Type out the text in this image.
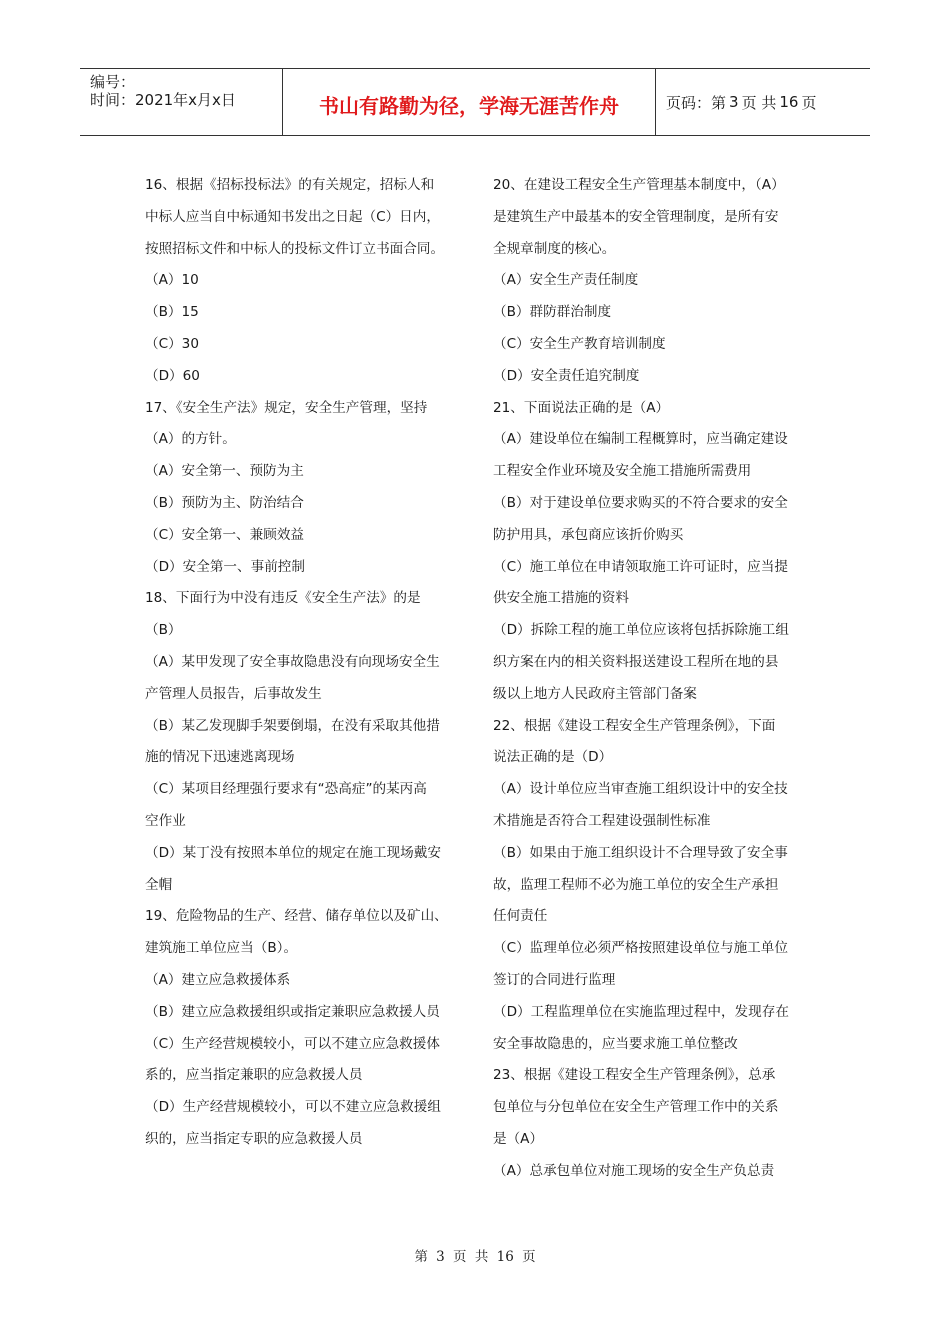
编号：
时间：2021年x月x日	书山有路勤为径，学海无涯苦作舟	页码：第 3 页 共 16 页
16、根据《招标投标法》的有关规定，招标人和
中标人应当自中标通知书发出之日起（C）日内，
按照招标文件和中标人的投标文件订立书面合同。
（A）10
（B）15
（C）30
（D）60
17、《安全生产法》规定，安全生产管理，坚持
（A）的方针。
（A）安全第一、预防为主
（B）预防为主、防治结合
（C）安全第一、兼顾效益
（D）安全第一、事前控制
18、下面行为中没有违反《安全生产法》的是
（B）
（A）某甲发现了安全事故隐患没有向现场安全生
产管理人员报告，后事故发生
（B）某乙发现脚手架要倒塌，在没有采取其他措
施的情况下迅速逃离现场
（C）某项目经理强行要求有“恐高症”的某丙高
空作业
（D）某丁没有按照本单位的规定在施工现场戴安
全帽
19、危险物品的生产、经营、储存单位以及矿山、
建筑施工单位应当（B）。
（A）建立应急救援体系
（B）建立应急救援组织或指定兼职应急救援人员
（C）生产经营规模较小，可以不建立应急救援体
系的，应当指定兼职的应急救援人员
（D）生产经营规模较小，可以不建立应急救援组
织的，应当指定专职的应急救援人员
20、在建设工程安全生产管理基本制度中，（A）
是建筑生产中最基本的安全管理制度，是所有安
全规章制度的核心。
（A）安全生产责任制度
（B）群防群治制度
（C）安全生产教育培训制度
（D）安全责任追究制度
21、下面说法正确的是（A）
（A）建设单位在编制工程概算时，应当确定建设
工程安全作业环境及安全施工措施所需费用
（B）对于建设单位要求购买的不符合要求的安全
防护用具，承包商应该折价购买
（C）施工单位在申请领取施工许可证时，应当提
供安全施工措施的资料
（D）拆除工程的施工单位应该将包括拆除施工组
织方案在内的相关资料报送建设工程所在地的县
级以上地方人民政府主管部门备案
22、根据《建设工程安全生产管理条例》，下面
说法正确的是（D）
（A）设计单位应当审查施工组织设计中的安全技
术措施是否符合工程建设强制性标准
（B）如果由于施工组织设计不合理导致了安全事
故，监理工程师不必为施工单位的安全生产承担
任何责任
（C）监理单位必须严格按照建设单位与施工单位
签订的合同进行监理
（D）工程监理单位在实施监理过程中，发现存在
安全事故隐患的，应当要求施工单位整改
23、根据《建设工程安全生产管理条例》，总承
包单位与分包单位在安全生产管理工作中的关系
是（A）
（A）总承包单位对施工现场的安全生产负总责
第 3 页 共 16 页
